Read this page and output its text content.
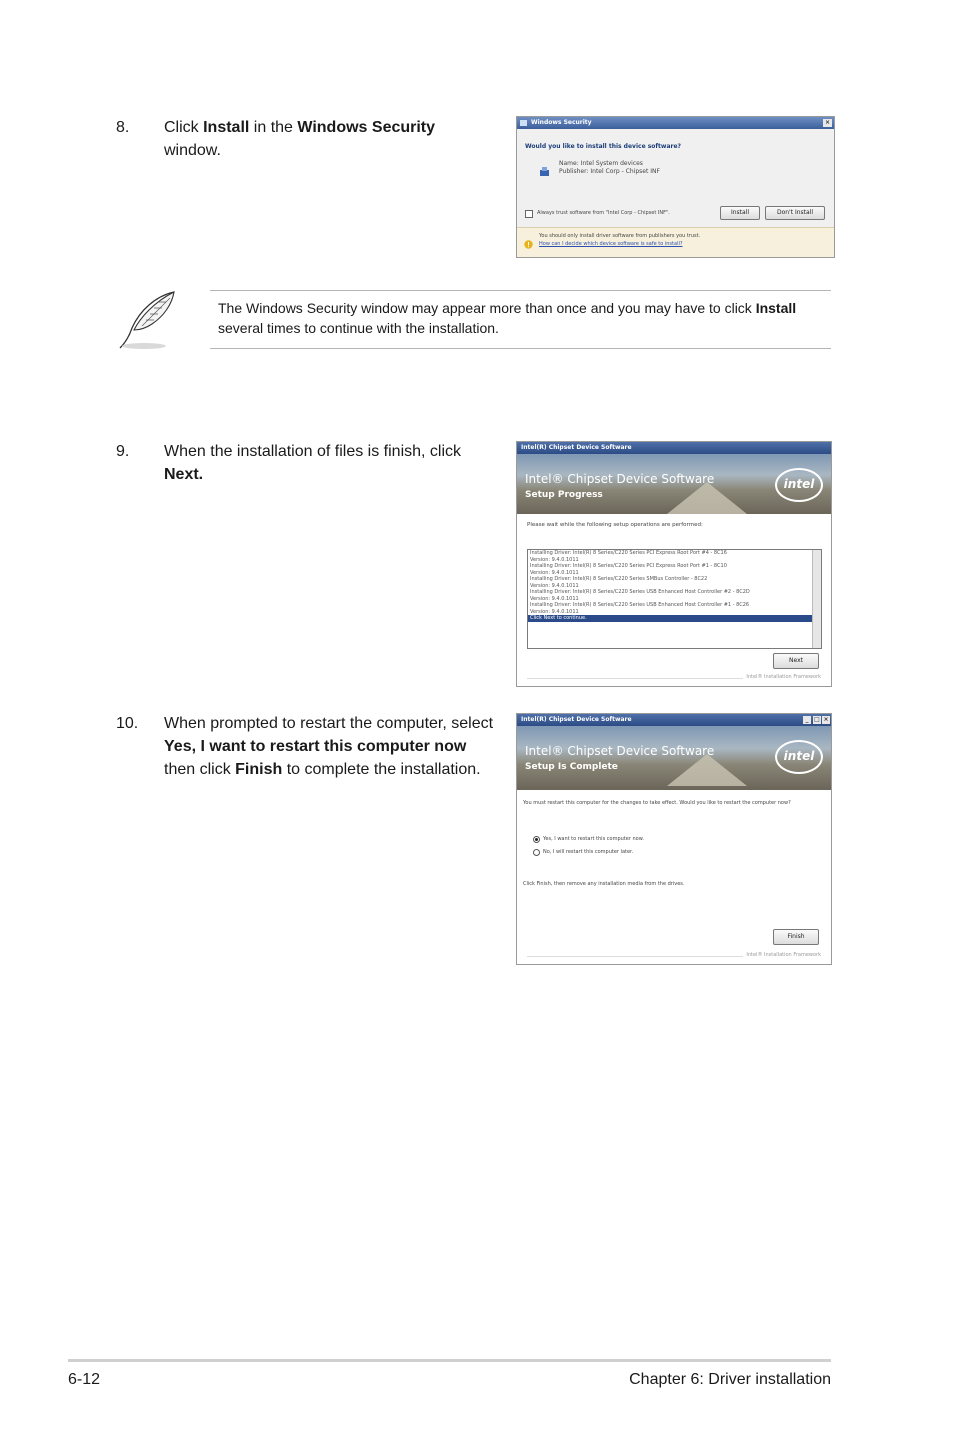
8. Click Install in the Windows Security window.
Windows Security	×
Would you like to install this device software?
Name: Intel System devices
Publisher: Intel Corp - Chipset INF
Always trust software from "Intel Corp - Chipset INF".	Install	Don't Install
You should only install driver software from publishers you trust.
How can I decide which device software is safe to install?
The Windows Security window may appear more than once and you may have to click Install several times to continue with the installation.
9. When the installation of files is finish, click Next.
Intel(R) Chipset Device Software
Intel® Chipset Device Software
Setup Progress
intel
Please wait while the following setup operations are performed:
Installing Driver: Intel(R) 8 Series/C220 Series PCI Express Root Port #4 - 8C16
Version: 9.4.0.1011
Installing Driver: Intel(R) 8 Series/C220 Series PCI Express Root Port #1 - 8C10
Version: 9.4.0.1011
Installing Driver: Intel(R) 8 Series/C220 Series SMBus Controller - 8C22
Version: 9.4.0.1011
Installing Driver: Intel(R) 8 Series/C220 Series USB Enhanced Host Controller #2 - 8C2D
Version: 9.4.0.1011
Installing Driver: Intel(R) 8 Series/C220 Series USB Enhanced Host Controller #1 - 8C26
Version: 9.4.0.1011
Click Next to continue.
Next
Intel® Installation Framework
10. When prompted to restart the computer, select Yes, I want to restart this computer now then click Finish to complete the installation.
Intel(R) Chipset Device Software	_ □ ×
Intel® Chipset Device Software
Setup Is Complete
intel
You must restart this computer for the changes to take effect. Would you like to restart the computer now?
Yes, I want to restart this computer now.
No, I will restart this computer later.
Click Finish, then remove any installation media from the drives.
Finish
Intel® Installation Framework
6-12	Chapter 6: Driver installation
